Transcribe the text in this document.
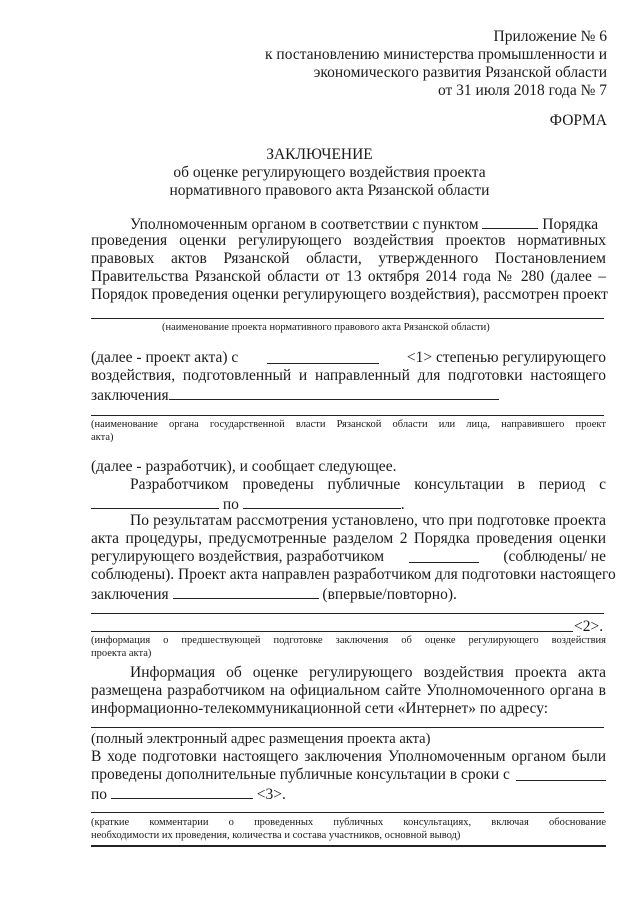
Приложение № 6
к постановлению министерства промышленности и
экономического развития Рязанской области
от 31 июля 2018 года № 7
ФОРМА
ЗАКЛЮЧЕНИЕ
об оценке регулирующего воздействия проекта
нормативного правового акта Рязанской области
Уполномоченным органом в соответствии с пунктом	Порядка
проведения оценки регулирующего воздействия проектов нормативных
правовых актов Рязанской области, утвержденного Постановлением
Правительства Рязанской области от 13 октября 2014 года № 280 (далее –
Порядок проведения оценки регулирующего воздействия), рассмотрен проект
(наименование проекта нормативного правового акта Рязанской области)
(далее - проект акта) с	<1> степенью регулирующего
воздействия, подготовленный и направленный для подготовки настоящего
заключения
(наименование органа государственной власти Рязанской области или лица, направившего проект
акта)
(далее - разработчик), и сообщает следующее.
Разработчиком проведены публичные консультации в период с
по	.
По результатам рассмотрения установлено, что при подготовке проекта
акта процедуры, предусмотренные разделом 2 Порядка проведения оценки
регулирующего воздействия, разработчиком	(соблюдены/ не
соблюдены). Проект акта направлен разработчиком для подготовки настоящего
заключения	(впервые/повторно).
<2>.
(информация о предшествующей подготовке заключения об оценке регулирующего воздействия
проекта акта)
Информация об оценке регулирующего воздействия проекта акта
размещена разработчиком на официальном сайте Уполномоченного органа в
информационно-телекоммуникационной сети «Интернет» по адресу:
(полный электронный адрес размещения проекта акта)
В ходе подготовки настоящего заключения Уполномоченным органом были
проведены дополнительные публичные консультации в сроки с
по	<3>.
(краткие комментарии о проведенных публичных консультациях, включая обоснование
необходимости их проведения, количества и состава участников, основной вывод)
